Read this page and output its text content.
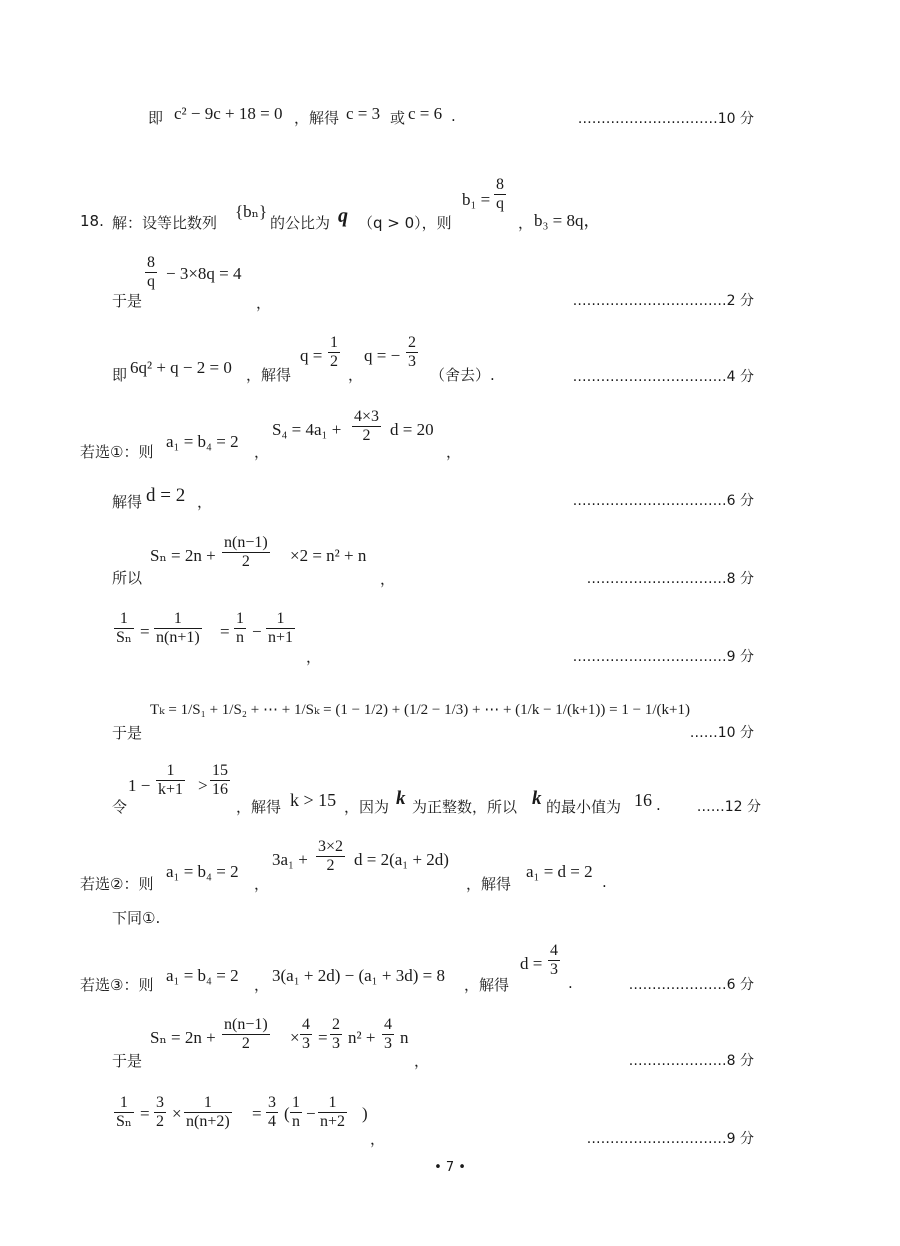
即 c² − 9c + 18 = 0 ，解得 c = 3 或 c = 6 .	…………………………10 分
18. 解：设等比数列
{bₙ}
的公比为 q （q > 0），则
b₁ =
8
q
， b₃ = 8q，
于是
8
q − 3×8q = 4
，	……………………………2 分
即 6q² + q − 2 = 0 ，解得
q =
1
2
，
q = −
2
3
（舍去）.	……………………………4 分
若选①：则
a₁ = b₄ = 2
，
S₄ = 4a₁ +
4×3
2 d = 20
，
解得 d = 2 ，	……………………………6 分
所以
Sₙ = 2n +
n(n−1)
2 ×2 = n² + n
，	…………………………8 分
1
Sₙ =
1
n(n+1) =
1
n −
1
n+1
，	……………………………9 分
于是
Tₖ = 1/S₁ + 1/S₂ + ⋯ + 1/Sₖ = (1 − 1/2) + (1/2 − 1/3) + ⋯ + (1/k − 1/(k+1)) = 1 − 1/(k+1)
……10 分
令
1 −
1
k+1 >
15
16
，解得 k > 15 ，因为 k 为正整数，所以 k 的最小值为 16 .	……12 分
若选②：则
a₁ = b₄ = 2
，
3a₁ +
3×2
2 d = 2(a₁ + 2d)
，解得
a₁ = d = 2
.
下同①.
若选③：则 a₁ = b₄ = 2 ， 3(a₁ + 2d) − (a₁ + 3d) = 8 ，解得
d =
4
3
.	…………………6 分
于是
Sₙ = 2n +
n(n−1)
2 ×
4
3 =
2
3 n² +
4
3 n
，	…………………8 分
1
Sₙ =
3
2 ×
1
n(n+2) =
3
4 (
1
n −
1
n+2 )
，	…………………………9 分
• 7 •
